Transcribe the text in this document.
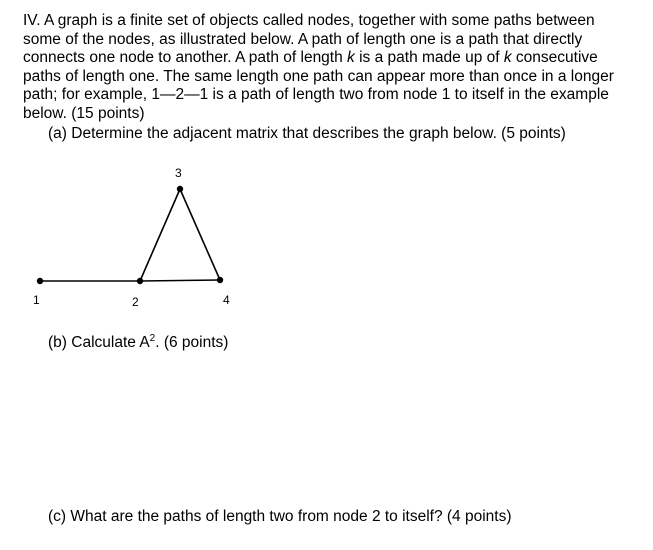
IV. A graph is a finite set of objects called nodes, together with some paths between
some of the nodes, as illustrated below. A path of length one is a path that directly
connects one node to another. A path of length k is a path made up of k consecutive
paths of length one. The same length one path can appear more than once in a longer
path; for example, 1—2—1 is a path of length two from node 1 to itself in the example
below. (15 points)

(a) Determine the adjacent matrix that describes the graph below. (5 points)

1	2
3
4

(b) Calculate $A^2$. (6 points)

(c) What are the paths of length two from node 2 to itself? (4 points)
